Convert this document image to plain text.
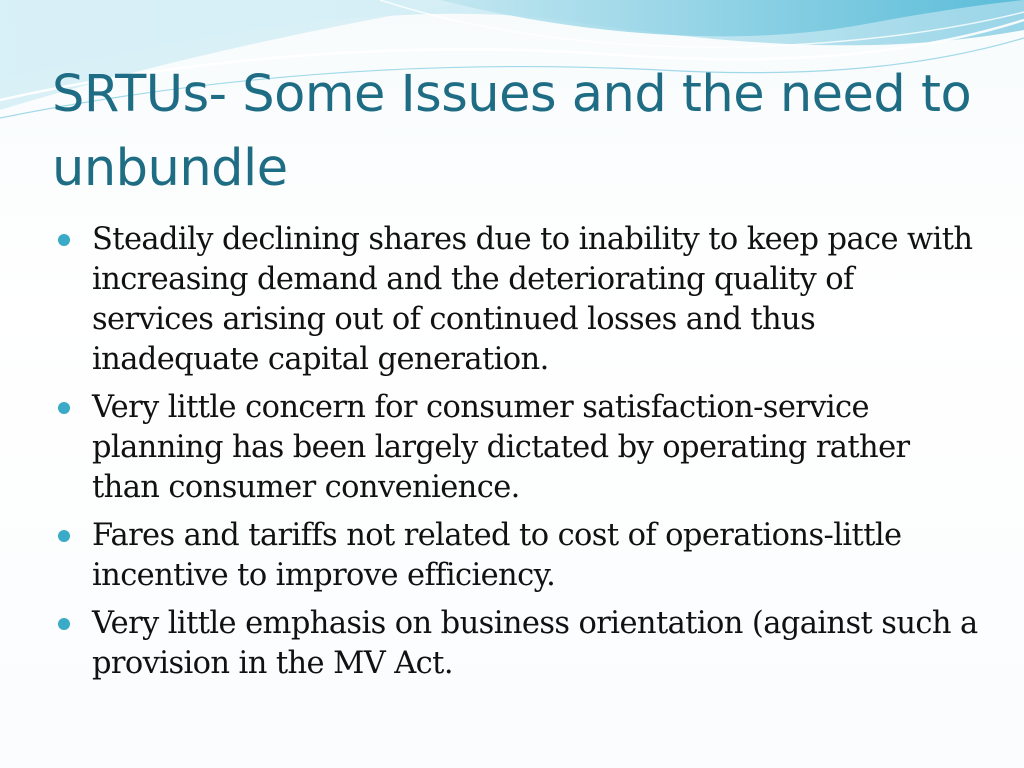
SRTUs- Some Issues and the need to unbundle
Steadily declining shares due to inability to keep pace with increasing demand and the deteriorating quality of services arising out of continued losses and thus inadequate capital generation.
Very little concern for consumer satisfaction-service planning has been largely dictated by operating rather than consumer convenience.
Fares and tariffs not related to cost of operations-little incentive to improve efficiency.
Very little emphasis on business orientation (against such a provision in the MV Act.
